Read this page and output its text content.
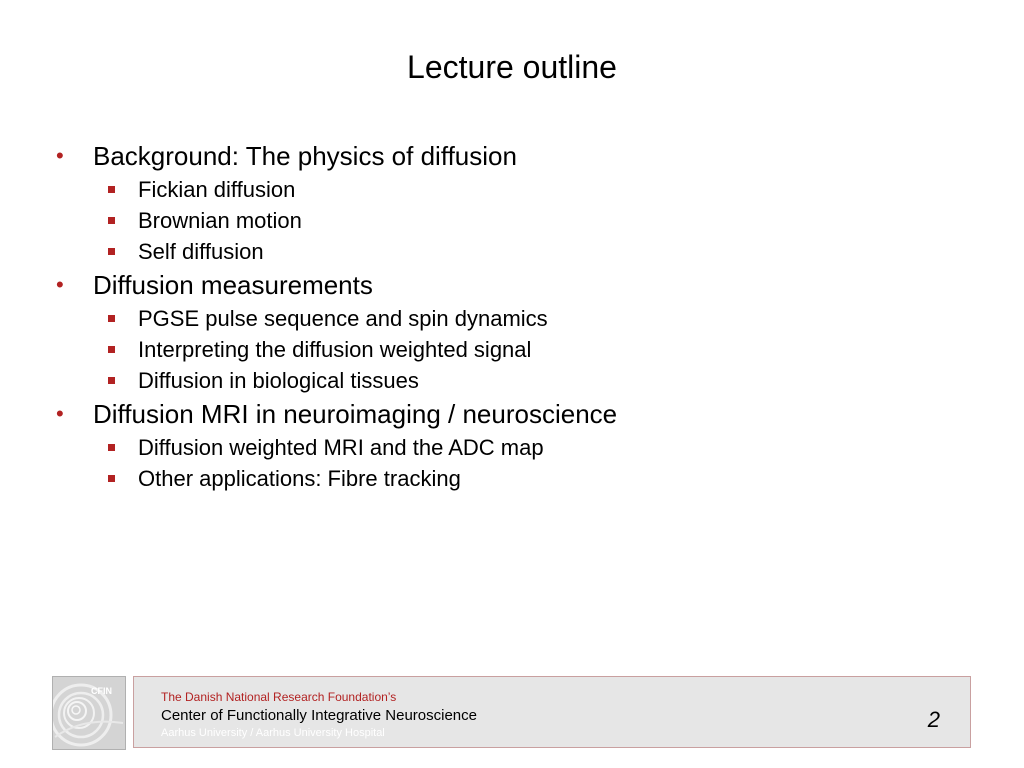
Lecture outline
•	Background: The physics of diffusion
Fickian diffusion
Brownian motion
Self diffusion
•	Diffusion measurements
PGSE pulse sequence and spin dynamics
Interpreting the diffusion weighted signal
Diffusion in biological tissues
•	Diffusion MRI in neuroimaging / neuroscience
Diffusion weighted MRI and the ADC map
Other applications: Fibre tracking
CFIN	The Danish National Research Foundation’s
Center of Functionally Integrative Neuroscience
Aarhus University / Aarhus University Hospital
2
